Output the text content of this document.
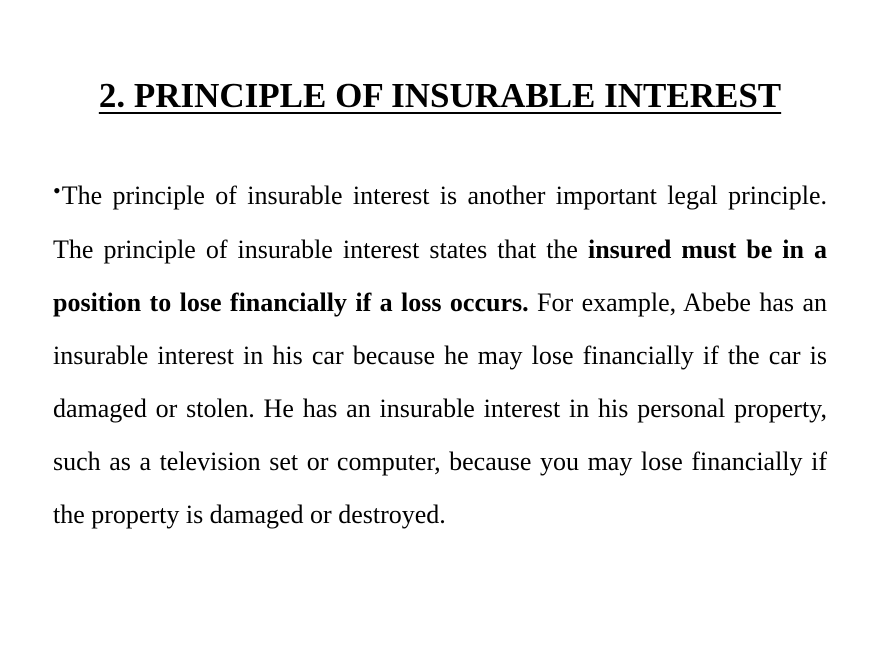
2. PRINCIPLE OF INSURABLE INTEREST

•The principle of insurable interest is another important legal principle. The principle of insurable interest states that the insured must be in a position to lose financially if a loss occurs. For example, Abebe has an insurable interest in his car because he may lose financially if the car is damaged or stolen. He has an insurable interest in his personal property, such as a television set or computer, because you may lose financially if the property is damaged or destroyed.
